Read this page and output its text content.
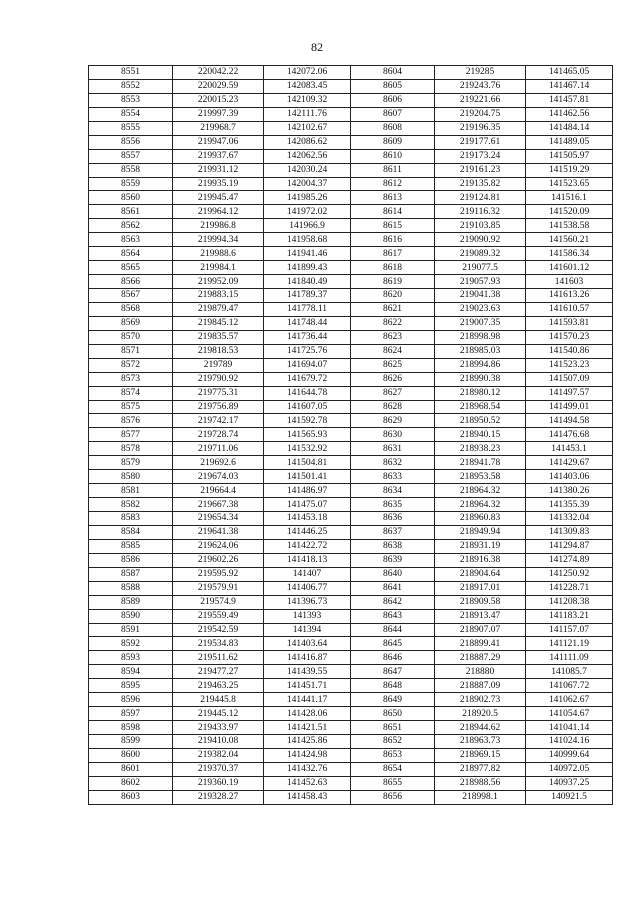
82
8551	220042.22	142072.06	8604	219285	141465.05
8552	220029.59	142083.45	8605	219243.76	141467.14
8553	220015.23	142109.32	8606	219221.66	141457.81
8554	219997.39	142111.76	8607	219204.75	141462.56
8555	219968.7	142102.67	8608	219196.35	141484.14
8556	219947.06	142086.62	8609	219177.61	141489.05
8557	219937.67	142062.56	8610	219173.24	141505.97
8558	219931.12	142030.24	8611	219161.23	141519.29
8559	219935.19	142004.37	8612	219135.82	141523.65
8560	219945.47	141985.26	8613	219124.81	141516.1
8561	219964.12	141972.02	8614	219116.32	141520.09
8562	219986.8	141966.9	8615	219103.85	141538.58
8563	219994.34	141958.68	8616	219090.92	141560.21
8564	219988.6	141941.46	8617	219089.32	141586.34
8565	219984.1	141899.43	8618	219077.5	141601.12
8566	219952.09	141840.49	8619	219057.93	141603
8567	219883.15	141789.37	8620	219041.38	141613.26
8568	219879.47	141778.11	8621	219023.63	141610.57
8569	219845.12	141748.44	8622	219007.35	141593.81
8570	219835.57	141736.44	8623	218998.98	141570.23
8571	219818.53	141725.76	8624	218985.03	141540.86
8572	219789	141694.07	8625	218994.86	141523.23
8573	219790.92	141679.72	8626	218990.38	141507.09
8574	219775.31	141644.78	8627	218980.12	141497.57
8575	219756.89	141607.05	8628	218968.54	141499.01
8576	219742.17	141592.78	8629	218950.52	141494.58
8577	219728.74	141565.93	8630	218940.15	141476.68
8578	219711.06	141532.92	8631	218938.23	141453.1
8579	219692.6	141504.81	8632	218941.78	141429.67
8580	219674.03	141501.41	8633	218953.58	141403.06
8581	219664.4	141486.97	8634	218964.32	141380.26
8582	219667.38	141475.07	8635	218964.32	141355.39
8583	219654.34	141453.18	8636	218960.83	141332.04
8584	219641.38	141446.25	8637	218949.94	141309.83
8585	219624.06	141422.72	8638	218931.19	141294.87
8586	219602.26	141418.13	8639	218916.38	141274.89
8587	219595.92	141407	8640	218904.64	141250.92
8588	219579.91	141406.77	8641	218917.01	141228.71
8589	219574.9	141396.73	8642	218909.58	141208.38
8590	219559.49	141393	8643	218913.47	141183.21
8591	219542.59	141394	8644	218907.07	141157.07
8592	219534.83	141403.64	8645	218899.41	141121.19
8593	219511.62	141416.87	8646	218887.29	141111.09
8594	219477.27	141439.55	8647	218880	141085.7
8595	219463.25	141451.71	8648	218887.09	141067.72
8596	219445.8	141441.17	8649	218902.73	141062.67
8597	219445.12	141428.06	8650	218920.5	141054.67
8598	219433.97	141421.51	8651	218944.62	141041.14
8599	219410.08	141425.86	8652	218963.73	141024.16
8600	219382.04	141424.98	8653	218969.15	140999.64
8601	219370.37	141432.76	8654	218977.82	140972.05
8602	219360.19	141452.63	8655	218988.56	140937.25
8603	219328.27	141458.43	8656	218998.1	140921.5
